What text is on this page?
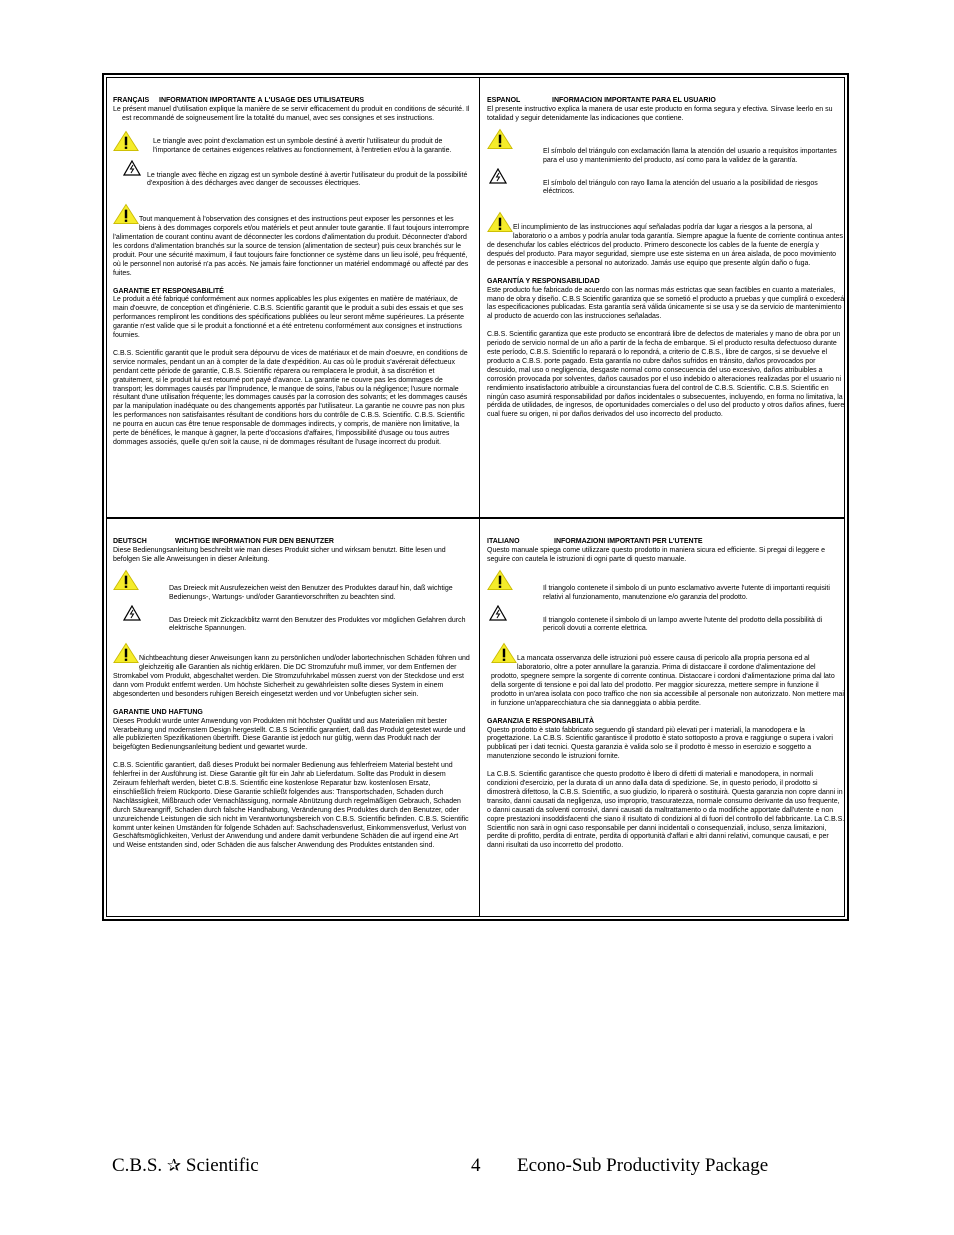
FRANÇAIS INFORMATION IMPORTANTE À L'USAGE DES UTILISATEURS

Le présent manuel d'utilisation explique la manière de se servir efficacement du produit en conditions de sécurité. Il est recommandé de soigneusement lire la totalité du manuel, avec ses consignes et ses instructions.

Le triangle avec point d'exclamation est un symbole destiné à avertir l'utilisateur du produit de l'importance de certaines exigences relatives au fonctionnement, à l'entretien et/ou à la garantie.

Le triangle avec flèche en zigzag est un symbole destiné à avertir l'utilisateur du produit de la possibilité d'exposition à des décharges avec danger de secousses électriques.

Tout manquement à l'observation des consignes et des instructions peut exposer les personnes et les biens à des dommages corporels et/ou matériels et peut annuler toute garantie. Il faut toujours interrompre l'alimentation de courant continu avant de déconnecter les cordons d'alimentation du produit. Déconnecter d'abord les cordons d'alimentation branchés sur la source de tension (alimentation de secteur) puis ceux branchés sur le produit. Pour une sécurité maximum, il faut toujours faire fonctionner ce système dans un lieu isolé, peu fréquenté, où le personnel non autorisé n'a pas accès. Ne jamais faire fonctionner un matériel endommagé ou affecté par des fuites.

GARANTIE ET RESPONSABILITÉ

Le produit a été fabriqué conformément aux normes applicables les plus exigentes en matière de matériaux, de main d'oeuvre, de conception et d'ingénierie. C.B.S. Scientific garantit que le produit a subi des essais et que ses performances rempliront les conditions des spécifications publiées ou leur seront même supérieures. La présente garantie n'est valide que si le produit a fonctionné et a été entretenu conformément aux consignes et instructions fournies.

C.B.S. Scientific garantit que le produit sera dépourvu de vices de matériaux et de main d'oeuvre, en conditions de service normales, pendant un an à compter de la date d'expédition. Au cas où le produit s'avérerait défectueux pendant cette période de garantie, C.B.S. Scientific réparera ou remplacera le produit, à sa discrétion et gratuitement, si le produit lui est retourné port payé d'avance. La garantie ne couvre pas les dommages de transport; les dommages causés par l'imprudence, le manque de soins, l'abus ou la négligence; l'usure normale résultant d'une utilisation fréquente; les dommages causés par la corrosion des solvants; et les dommages causés par la manipulation inadéquate ou des changements apportés par l'utilisateur. La garantie ne couvre pas non plus les performances non satisfaisantes résultant de conditions hors du contrôle de C.B.S. Scientific. C.B.S. Scientific ne pourra en aucun cas être tenue responsable de dommages indirects, y compris, de manière non limitative, la perte de bénéfices, le manque à gagner, la perte d'occasions d'affaires, l'impossibilité d'usage ou tous autres dommages associés, quelle qu'en soit la cause, ni de dommages résultant de l'usage incorrect du produit.

ESPAÑOL	INFORMACIÓN IMPORTANTE PARA EL USUARIO

El presente instructivo explica la manera de usar este producto en forma segura y efectiva. Sírvase leerlo en su totalidad y seguir detenidamente las indicaciones que contiene.

El símbolo del triángulo con exclamación llama la atención del usuario a requisitos importantes para el uso y mantenimiento del producto, así como para la validez de la garantía.

El símbolo del triángulo con rayo llama la atención del usuario a la posibilidad de riesgos eléctricos.

El incumplimiento de las instrucciones aquí señaladas podría dar lugar a riesgos a la persona, al laboratorio o a ambos y podría anular toda garantía. Siempre apague la fuente de corriente continua antes de desenchufar los cables eléctricos del producto. Primero desconecte los cables de la fuente de energía y después del producto. Para mayor seguridad, siempre use este sistema en un área aislada, de poco movimiento de personas e inaccesible a personal no autorizado. Jamás use equipo que presente algún daño o fuga.

GARANTÍA Y RESPONSABILIDAD

Este producto fue fabricado de acuerdo con las normas más estrictas que sean factibles en cuanto a materiales, mano de obra y diseño. C.B.S Scientific garantiza que se sometió el producto a pruebas y que cumplirá o excederá las especificaciones publicadas. Esta garantía será válida únicamente si se usa y se da servicio de mantenimiento al producto de acuerdo con las instrucciones señaladas.

C.B.S. Scientific garantiza que este producto se encontrará libre de defectos de materiales y mano de obra por un periodo de servicio normal de un año a partir de la fecha de embarque. Si el producto resulta defectuoso durante este período, C.B.S. Scientific lo reparará o lo repondrá, a criterio de C.B.S., libre de cargos, si se devuelve el producto a C.B.S. porte pagado. Esta garantía no cubre daños sufridos en tránsito, daños provocados por descuido, mal uso o negligencia, desgaste normal como consecuencia del uso excesivo, daños atribuibles a corrosión provocada por solventes, daños causados por el uso indebido o alteraciones realizadas por el usuario ni rendimiento insatisfactorio atribuible a circunstancias fuera del control de C.B.S. Scientific. C.B.S. Scientific en ningún caso asumirá responsabilidad por daños incidentales o subsecuentes, incluyendo, en forma no limitativa, la pérdida de utilidades, de ingresos, de oportunidades comerciales o del uso del producto y otros daños afines, fuere cual fuere su origen, ni por daños derivados del uso incorrecto del producto.

DEUTSCH	WICHTIGE INFORMATION FÜR DEN BENUTZER

Diese Bedienungsanleitung beschreibt wie man dieses Produkt sicher und wirksam benutzt. Bitte lesen und befolgen Sie alle Anweisungen in dieser Anleitung.

Das Dreieck mit Ausrufezeichen weist den Benutzer des Produktes darauf hin, daß wichtige Bedienungs-, Wartungs- und/oder Garantievorschriften zu beachten sind.

Das Dreieck mit Zickzackblitz warnt den Benutzer des Produktes vor möglichen Gefahren durch elektrische Spannungen.

Nichtbeachtung dieser Anweisungen kann zu persönlichen und/oder labortechnischen Schäden führen und gleichzeitig alle Garantien als nichtig erklären. Die DC Stromzufuhr muß immer, vor dem Entfernen der Stromkabel vom Produkt, abgeschaltet werden. Die Stromzufuhrkabel müssen zuerst von der Steckdose und erst dann vom Produkt entfernt werden. Um höchste Sicherheit zu gewährleisten sollte dieses System in einem abgesonderten und besonders ruhigen Bereich eingesetzt werden und vor Unbefugten sicher sein.

GARANTIE UND HAFTUNG

Dieses Produkt wurde unter Anwendung von Produkten mit höchster Qualität und aus Materialien mit bester Verarbeitung und modernstem Design hergestellt. C.B.S Scientific garantiert, daß das Produkt getestet wurde und alle publizierten Spezifikationen übertrifft. Diese Garantie ist jedoch nur gültig, wenn das Produkt nach der beigefügten Bedienungsanleitung bedient und gewartet wurde.

C.B.S. Scientific garantiert, daß dieses Produkt bei normaler Bedienung aus fehlerfreiem Material besteht und fehlerfrei in der Ausführung ist. Diese Garantie gilt für ein Jahr ab Lieferdatum. Sollte das Produkt in diesem Zeiraum fehlerhaft werden, bietet C.B.S. Scientific eine kostenlose Reparatur bzw. kostenlosen Ersatz, einschließlich freiem Rückporto. Diese Garantie schließt folgendes aus: Transportschaden, Schaden durch Nachlässigkeit, Mißbrauch oder Vernachlässigung, normale Abnützung durch regelmäßigen Gebrauch, Schaden durch Säureangriff, Schaden durch falsche Handhabung, Veränderung des Produktes durch den Benutzer, oder unzureichende Leistungen die sich nicht im Verantwortungsbereich von C.B.S. Scientific befinden. C.B.S. Scientific kommt unter keinen Umständen für folgende Schäden auf: Sachschadensverlust, Einkommensverlust, Verlust von Geschäftsmöglichkeiten, Verlust der Anwendung und andere damit verbundene Schäden die auf irgend eine Art und Weise entstanden sind, oder Schäden die aus falscher Anwendung des Produktes entstanden sind.

ITALIANO	INFORMAZIONI IMPORTANTI PER L'UTENTE

Questo manuale spiega come utilizzare questo prodotto in maniera sicura ed efficiente. Si pregai di leggere e seguire con cautela le istruzioni di ogni parte di questo manuale.

Il triangolo contenete il simbolo di un punto esclamativo avverte l'utente di importanti requisiti relativi al funzionamento, manutenzione e/o garanzia del prodotto.

Il triangolo contenete il simbolo di un lampo avverte l'utente del prodotto della possibilità di pericoli dovuti a corrente elettrica.

La mancata osservanza delle istruzioni può essere causa di pericolo alla propria persona ed al laboratorio, oltre a poter annullare la garanzia. Prima di distaccare il cordone d'alimentazione del prodotto, spegnere sempre la sorgente di corrente continua. Distaccare i cordoni d'alimentazione prima dal lato della sorgente di tensione e poi dal lato del prodotto. Per maggior sicurezza, mettere sempre in funzione il prodotto in un'area isolata con poco traffico che non sia accessibile al personale non autorizzato. Non mettere mai in funzione un'apparecchiatura che sia danneggiata o abbia perdite.

GARANZIA E RESPONSABILITÀ

Questo prodotto è stato fabbricato seguendo gli standard più elevati per i materiali, la manodopera e la progettazione. La C.B.S. Scientific garantisce il prodotto è stato sottoposto a prova e raggiunge o supera i valori pubblicati per i dati tecnici. Questa garanzia è valida solo se il prodotto è messo in esercizio e soggetto a manutenzione secondo le istruzioni fornite.

La C.B.S. Scientific garantisce che questo prodotto è libero di difetti di materiali e manodopera, in normali condizioni d'esercizio, per la durata di un anno dalla data di spedizione. Se, in questo periodo, il prodotto si dimostrerà difettoso, la C.B.S. Scientific, a suo giudizio, lo riparerà o sostituirà. Questa garanzia non copre danni in transito, danni causati da negligenza, uso improprio, trascuratezza, normale consumo derivante da uso frequente, o danni causati da solventi corrosivi, danni causati da maltrattamento o da modifiche apportate dall'utente e non copre prestazioni insoddisfacenti che siano il risultato di condizioni al di fuori del controllo del fabbricante. La C.B.S. Scientific non sarà in ogni caso responsabile per danni incidentali o consequenziali, incluso, senza limitazioni, perdite di profitto, perdita di entrate, perdita di opportunità d'affari e altri danni relativi, comunque causati, e per danni risultati da uso incorretto del prodotto.

C.B.S. ✰ Scientific	4 Econo-Sub Productivity Package
